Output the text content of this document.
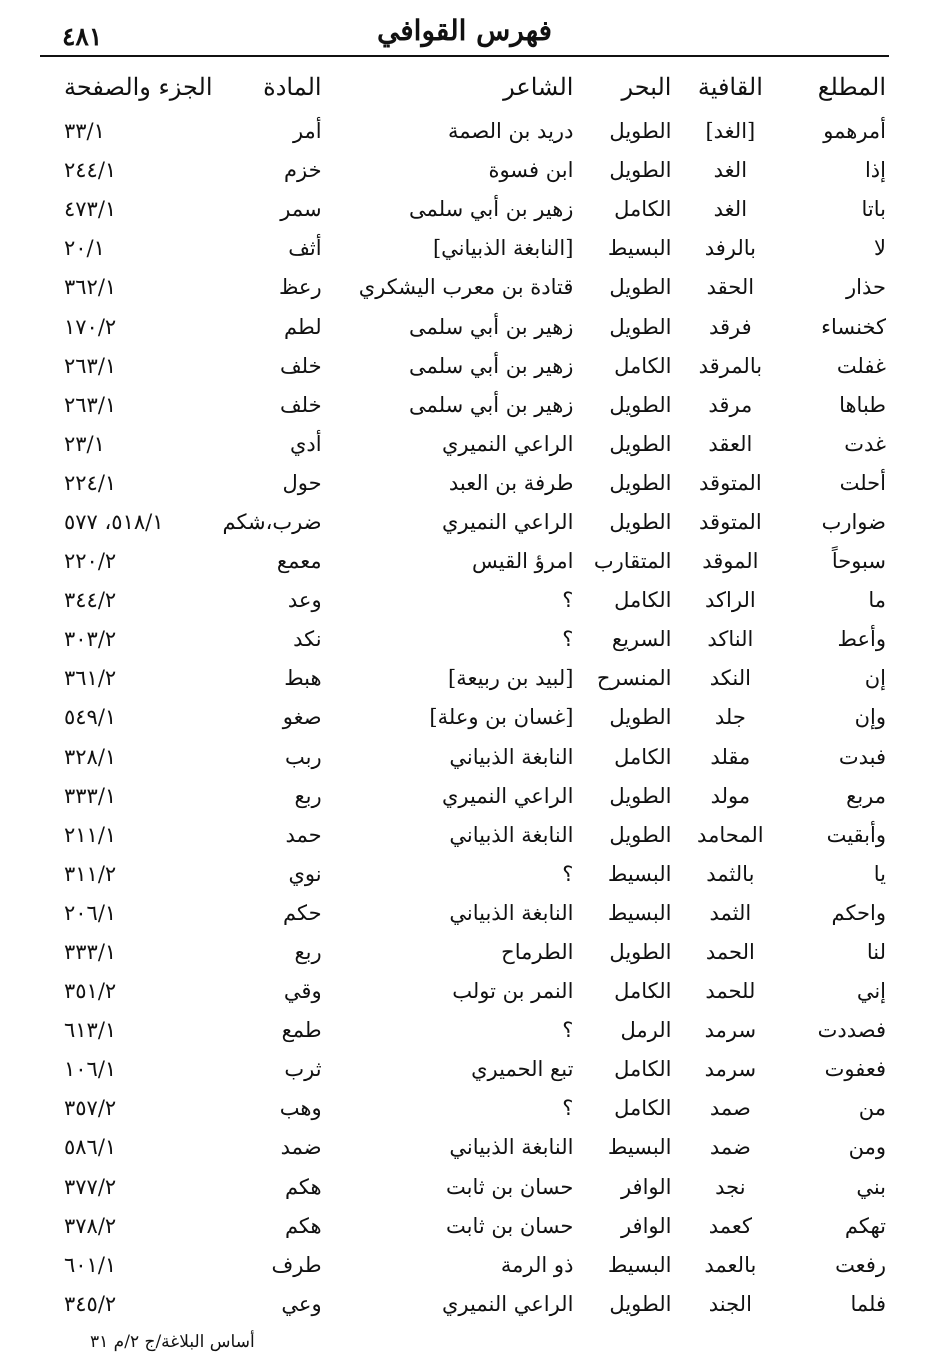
فهرس القوافي
٤٨١
المطلع	القافية	البحر	الشاعر	المادة	الجزء والصفحة
أمرهمو	[الغد]	الطويل	دريد بن الصمة	أمر	٣٣/١
إذا	الغد	الطويل	ابن فسوة	خزم	٢٤٤/١
باتا	الغد	الكامل	زهير بن أبي سلمى	سمر	٤٧٣/١
لا	بالرفد	البسيط	[النابغة الذبياني]	أثف	٢٠/١
حذار	الحقد	الطويل	قتادة بن معرب اليشكري	رعظ	٣٦٢/١
كخنساء	فرقد	الطويل	زهير بن أبي سلمى	لطم	١٧٠/٢
غفلت	بالمرقد	الكامل	زهير بن أبي سلمى	خلف	٢٦٣/١
طباها	مرقد	الطويل	زهير بن أبي سلمى	خلف	٢٦٣/١
غدت	العقد	الطويل	الراعي النميري	أدي	٢٣/١
أحلت	المتوقد	الطويل	طرفة بن العبد	حول	٢٢٤/١
ضوارب	المتوقد	الطويل	الراعي النميري	ضرب،شكم	٥١٨/١، ٥٧٧
سبوحاً	الموقد	المتقارب	امرؤ القيس	معمع	٢٢٠/٢
ما	الراكد	الكامل	؟	وعد	٣٤٤/٢
وأعط	الناكد	السريع	؟	نكد	٣٠٣/٢
إن	النكد	المنسرح	[لبيد بن ربيعة]	هبط	٣٦١/٢
وإن	جلد	الطويل	[غسان بن وعلة]	صغو	٥٤٩/١
فبدت	مقلد	الكامل	النابغة الذبياني	ربب	٣٢٨/١
مربع	مولد	الطويل	الراعي النميري	ربع	٣٣٣/١
وأبقيت	المحامد	الطويل	النابغة الذبياني	حمد	٢١١/١
يا	بالثمد	البسيط	؟	نوي	٣١١/٢
واحكم	الثمد	البسيط	النابغة الذبياني	حكم	٢٠٦/١
لنا	الحمد	الطويل	الطرماح	ربع	٣٣٣/١
إني	للحمد	الكامل	النمر بن تولب	وقي	٣٥١/٢
فصددت	سرمد	الرمل	؟	طمع	٦١٣/١
فعفوت	سرمد	الكامل	تبع الحميري	ثرب	١٠٦/١
من	صمد	الكامل	؟	وهب	٣٥٧/٢
ومن	ضمد	البسيط	النابغة الذبياني	ضمد	٥٨٦/١
بني	نجد	الوافر	حسان بن ثابت	هكم	٣٧٧/٢
تهكم	كعمد	الوافر	حسان بن ثابت	هكم	٣٧٨/٢
رفعت	بالعمد	البسيط	ذو الرمة	طرف	٦٠١/١
فلما	الجند	الطويل	الراعي النميري	وعي	٣٤٥/٢
أساس البلاغة/ج ٢/م ٣١
